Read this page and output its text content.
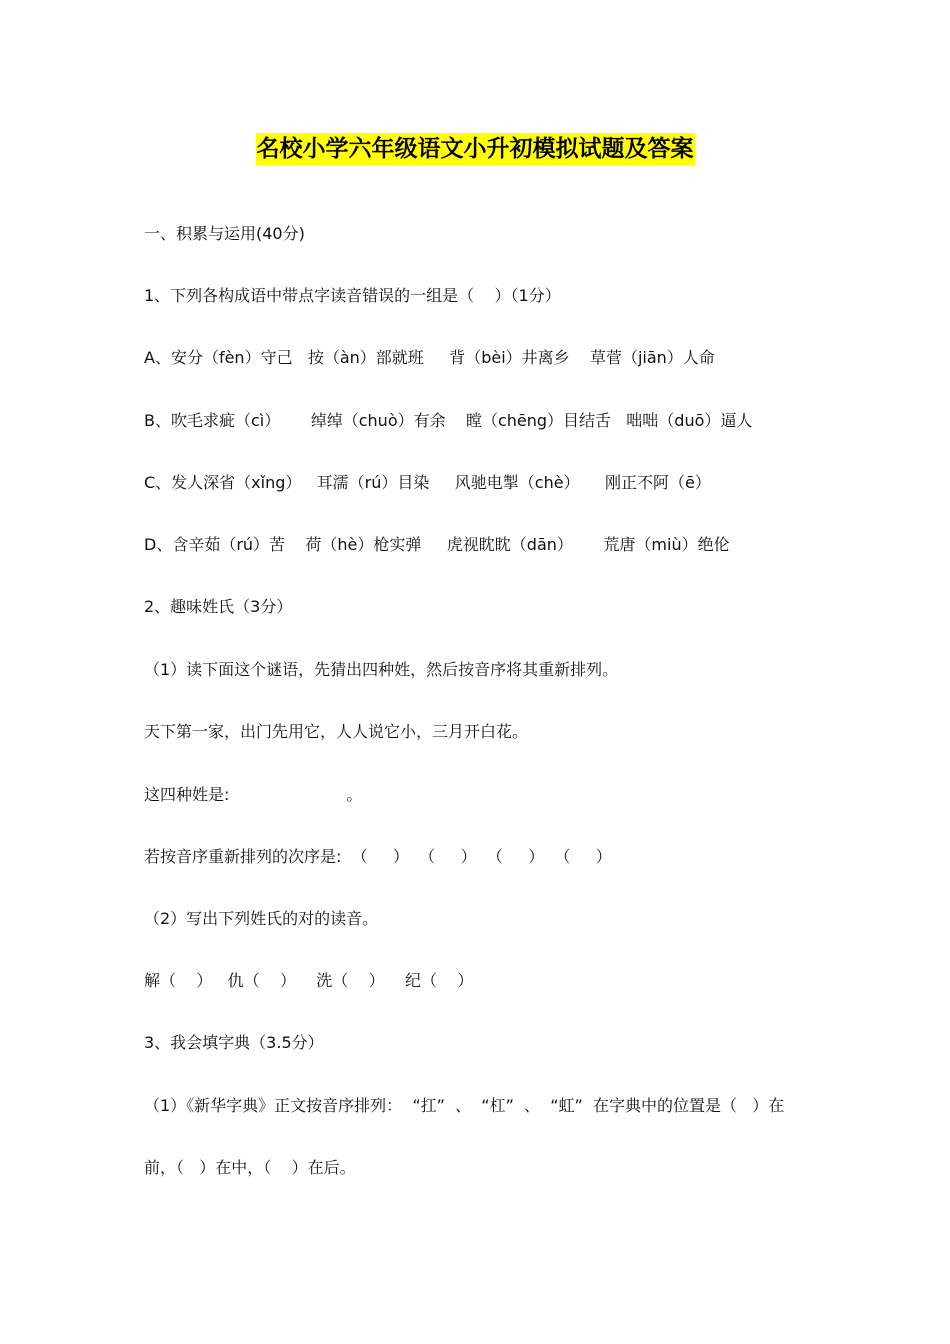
名校小学六年级语文小升初模拟试题及答案
一、积累与运用(40分)
1、下列各构成语中带点字读音错误的一组是（    ）（1分）
A、安分（fèn）守己   按（àn）部就班     背（bèi）井离乡    草菅（jiān）人命
B、吹毛求疵（cì）      绰绰（chuò）有余    瞠（chēng）目结舌   咄咄（duō）逼人
C、发人深省（xǐng）   耳濡（rú）目染     风驰电掣（chè）     刚正不阿（ē）
D、含辛茹（rú）苦    荷（hè）枪实弹     虎视眈眈（dān）      荒唐（miù）绝伦
2、趣味姓氏（3分）
（1）读下面这个谜语，先猜出四种姓，然后按音序将其重新排列。
天下第一家，出门先用它，人人说它小，三月开白花。
这四种姓是:                       。
若按音序重新排列的次序是:  （     ）  （     ）  （     ）  （     ）
（2）写出下列姓氏的对的读音。
解（    ）   仇（    ）    洗（    ）    纪（    ）
3、我会填字典（3.5分）
（1）《新华字典》正文按音序排列：  “扛”  、  “杠”  、  “虹”  在字典中的位置是（   ）在
前，（   ）在中，（    ）在后。
